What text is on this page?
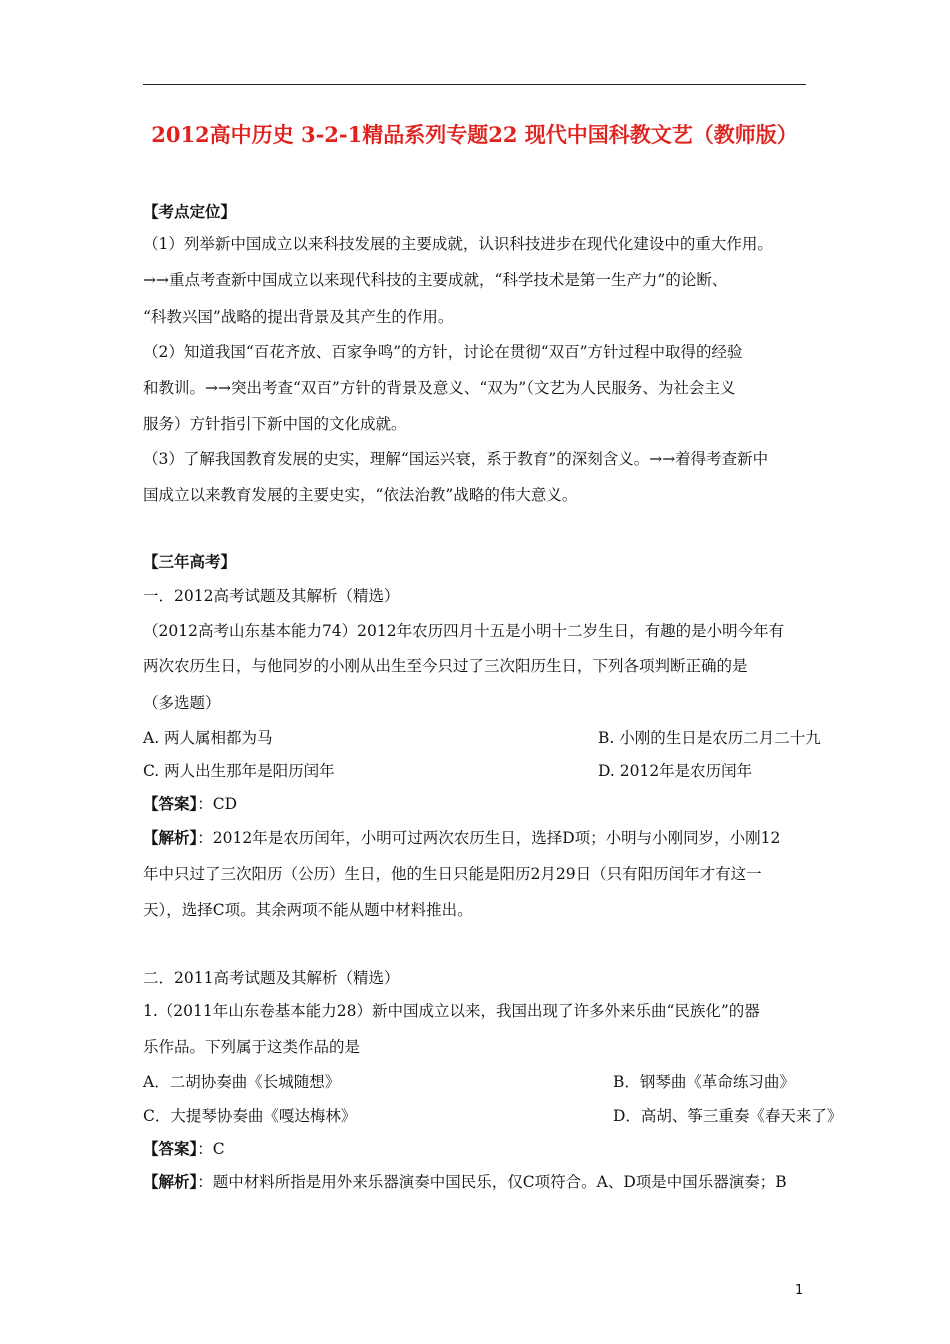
2012高中历史 3-2-1精品系列专题22 现代中国科教文艺（教师版）
【考点定位】
（1）列举新中国成立以来科技发展的主要成就，认识科技进步在现代化建设中的重大作用。
→→重点考查新中国成立以来现代科技的主要成就，“科学技术是第一生产力”的论断、
“科教兴国”战略的提出背景及其产生的作用。
（2）知道我国“百花齐放、百家争鸣”的方针，讨论在贯彻“双百”方针过程中取得的经验
和教训。→→突出考查“双百”方针的背景及意义、“双为”（文艺为人民服务、为社会主义
服务）方针指引下新中国的文化成就。
（3）了解我国教育发展的史实，理解“国运兴衰，系于教育”的深刻含义。→→着得考查新中
国成立以来教育发展的主要史实，“依法治教”战略的伟大意义。
【三年高考】
一．2012高考试题及其解析（精选）
（2012高考山东基本能力74）2012年农历四月十五是小明十二岁生日，有趣的是小明今年有
两次农历生日，与他同岁的小刚从出生至今只过了三次阳历生日，下列各项判断正确的是
（多选题）
A. 两人属相都为马	B. 小刚的生日是农历二月二十九
C. 两人出生那年是阳历闰年	D. 2012年是农历闰年
【答案】：CD
【解析】：2012年是农历闰年，小明可过两次农历生日，选择D项；小明与小刚同岁，小刚12
年中只过了三次阳历（公历）生日，他的生日只能是阳历2月29日（只有阳历闰年才有这一
天），选择C项。其余两项不能从题中材料推出。
二．2011高考试题及其解析（精选）
1.（2011年山东卷基本能力28）新中国成立以来，我国出现了许多外来乐曲“民族化”的器
乐作品。下列属于这类作品的是
A．二胡协奏曲《长城随想》	B．钢琴曲《革命练习曲》
C．大提琴协奏曲《嘎达梅林》	D．高胡、筝三重奏《春天来了》
【答案】：C
【解析】：题中材料所指是用外来乐器演奏中国民乐，仅C项符合。A、D项是中国乐器演奏；B
1
